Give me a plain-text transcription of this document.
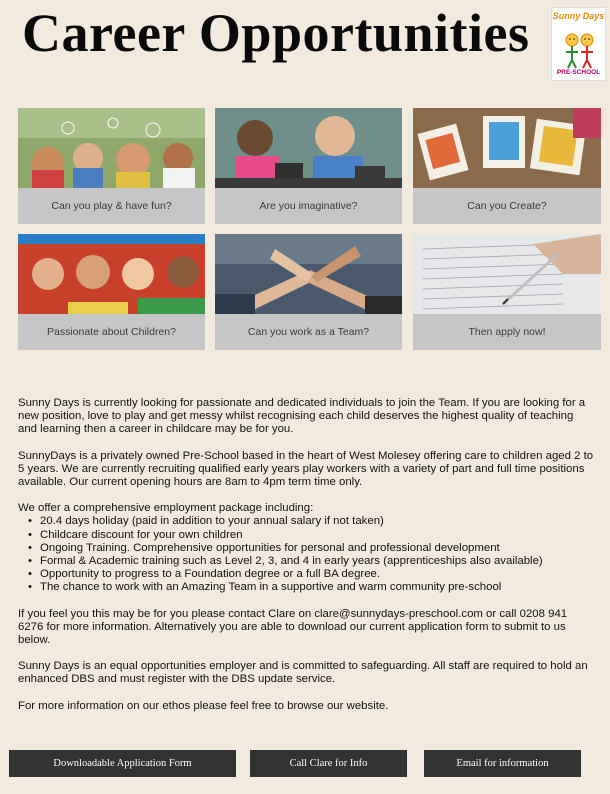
Career Opportunities	Sunny Days
PRE-SCHOOL
Can you play & have fun?	Are you imaginative?	Can you Create?
Passionate about Children?	Can you work as a Team?	Then apply now!

Sunny Days is currently looking for passionate and dedicated individuals to join the Team. If you are looking for a new position, love to play and get messy whilst recognising each child deserves the highest quality of teaching and learning then a career in childcare may be for you.

SunnyDays is a privately owned Pre-School based in the heart of West Molesey offering care to children aged 2 to 5 years. We are currently recruiting qualified early years play workers with a variety of part and full time positions available. Our current opening hours are 8am to 4pm term time only.

We offer a comprehensive employment package including:
• 20.4 days holiday (paid in addition to your annual salary if not taken)
• Childcare discount for your own children
• Ongoing Training. Comprehensive opportunities for personal and professional development
• Formal & Academic training such as Level 2, 3, and 4 in early years (apprenticeships also available)
• Opportunity to progress to a Foundation degree or a full BA degree.
• The chance to work with an Amazing Team in a supportive and warm community pre-school

If you feel you this may be for you please contact Clare on clare@sunnydays-preschool.com or call 0208 941 6276 for more information. Alternatively you are able to download our current application form to submit to us below.

Sunny Days is an equal opportunities employer and is committed to safeguarding. All staff are required to hold an enhanced DBS and must register with the DBS update service.

For more information on our ethos please feel free to browse our website.

Downloadable Application Form	Call Clare for Info	Email for information
